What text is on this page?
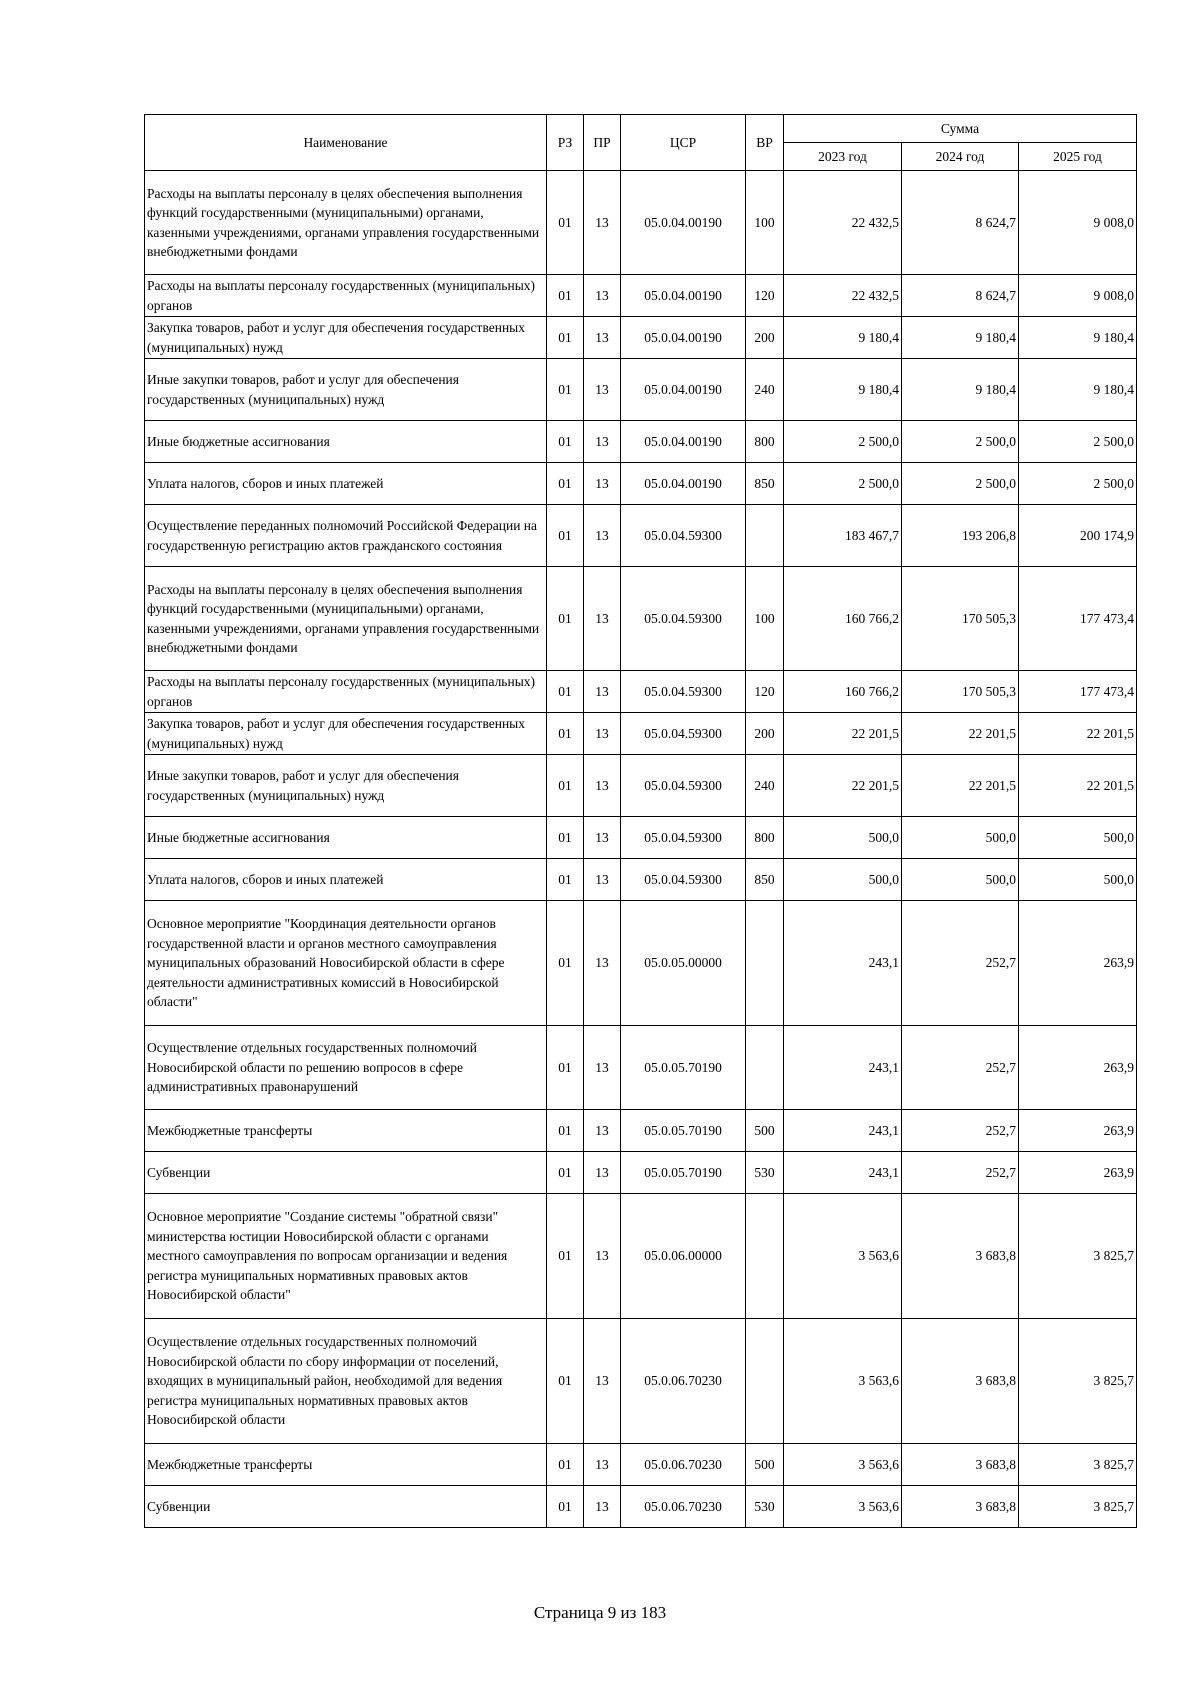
Наименование	РЗ	ПР	ЦСР	ВР	Сумма		
					2023 год	2024 год	2025 год
Расходы на выплаты персоналу в целях обеспечения выполнения функций государственными (муниципальными) органами, казенными учреждениями, органами управления государственными внебюджетными фондами	01	13	05.0.04.00190	100	22 432,5	8 624,7	9 008,0
Расходы на выплаты персоналу государственных (муниципальных) органов	01	13	05.0.04.00190	120	22 432,5	8 624,7	9 008,0
Закупка товаров, работ и услуг для обеспечения государственных (муниципальных) нужд	01	13	05.0.04.00190	200	9 180,4	9 180,4	9 180,4
Иные закупки товаров, работ и услуг для обеспечения государственных (муниципальных) нужд	01	13	05.0.04.00190	240	9 180,4	9 180,4	9 180,4
Иные бюджетные ассигнования	01	13	05.0.04.00190	800	2 500,0	2 500,0	2 500,0
Уплата налогов, сборов и иных платежей	01	13	05.0.04.00190	850	2 500,0	2 500,0	2 500,0
Осуществление переданных полномочий Российской Федерации на государственную регистрацию актов гражданского состояния	01	13	05.0.04.59300		183 467,7	193 206,8	200 174,9
Расходы на выплаты персоналу в целях обеспечения выполнения функций государственными (муниципальными) органами, казенными учреждениями, органами управления государственными внебюджетными фондами	01	13	05.0.04.59300	100	160 766,2	170 505,3	177 473,4
Расходы на выплаты персоналу государственных (муниципальных) органов	01	13	05.0.04.59300	120	160 766,2	170 505,3	177 473,4
Закупка товаров, работ и услуг для обеспечения государственных (муниципальных) нужд	01	13	05.0.04.59300	200	22 201,5	22 201,5	22 201,5
Иные закупки товаров, работ и услуг для обеспечения государственных (муниципальных) нужд	01	13	05.0.04.59300	240	22 201,5	22 201,5	22 201,5
Иные бюджетные ассигнования	01	13	05.0.04.59300	800	500,0	500,0	500,0
Уплата налогов, сборов и иных платежей	01	13	05.0.04.59300	850	500,0	500,0	500,0
Основное мероприятие "Координация деятельности органов государственной власти и органов местного самоуправления муниципальных образований Новосибирской области в сфере деятельности административных комиссий в Новосибирской области"	01	13	05.0.05.00000		243,1	252,7	263,9
Осуществление отдельных государственных полномочий Новосибирской области по решению вопросов в сфере административных правонарушений	01	13	05.0.05.70190		243,1	252,7	263,9
Межбюджетные трансферты	01	13	05.0.05.70190	500	243,1	252,7	263,9
Субвенции	01	13	05.0.05.70190	530	243,1	252,7	263,9
Основное мероприятие "Создание системы "обратной связи" министерства юстиции Новосибирской области с органами местного самоуправления по вопросам организации и ведения регистра муниципальных нормативных правовых актов Новосибирской области"	01	13	05.0.06.00000		3 563,6	3 683,8	3 825,7
Осуществление отдельных государственных полномочий Новосибирской области по сбору информации от поселений, входящих в муниципальный район, необходимой для ведения регистра муниципальных нормативных правовых актов Новосибирской области	01	13	05.0.06.70230		3 563,6	3 683,8	3 825,7
Межбюджетные трансферты	01	13	05.0.06.70230	500	3 563,6	3 683,8	3 825,7
Субвенции	01	13	05.0.06.70230	530	3 563,6	3 683,8	3 825,7
Страница 9 из 183
